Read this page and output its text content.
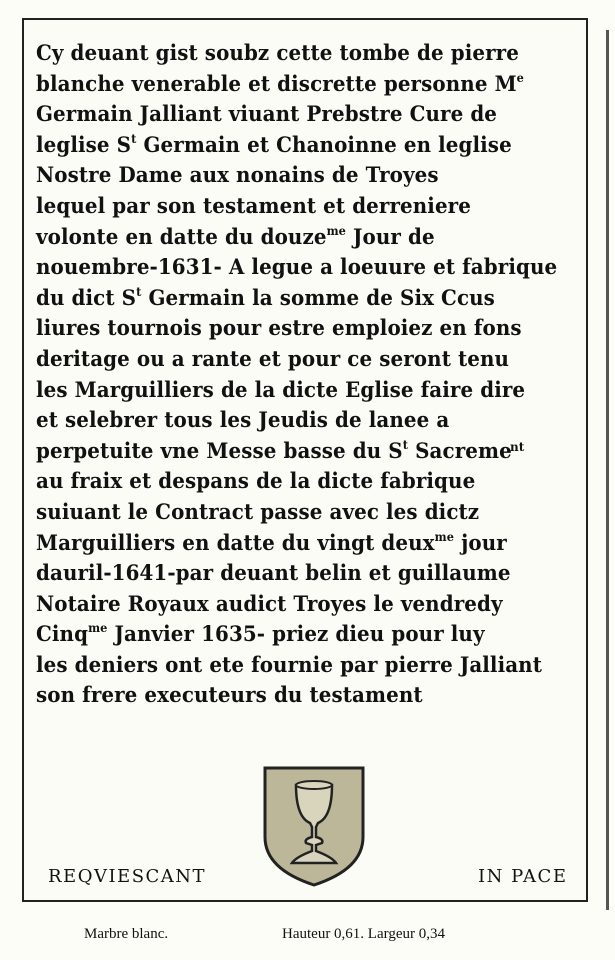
Cy deuant gist soubz cette tombe de pierre
blanche venerable et discrette personne Me
Germain Jalliant viuant Prebstre Cure de
leglise $S^t$ Germain et Chanoinne en leglise
Nostre Dame aux nonains de Troyes
lequel par son testament et derreniere
volonte en datte du douze$^{me}$ Jour de
nouembre-1631- A legue a loeuure et fabrique
du dict $S^t$ Germain la somme de Six Ccus
liures tournois pour estre emploiez en fons
deritage ou a rante et pour ce seront tenu
les Marguilliers de la dicte Eglise faire dire
et selebrer tous les Jeudis de lanee a
perpetuite vne Messe basse du $S^t$ Sacreme
au fraix et despans de la dicte fabrique
suiuant le Contract passe avec les dictz
Marguilliers en datte du vingt deux$^{me}$ jour
dauril-1641-par deuant belin et guillaume
Notaire Royaux audict Troyes le vendredy
Cinq$^{me}$ Janvier 1635- priez dieu pour luy
les deniers ont ete fournie par pierre Jalliant
son frere executeurs du testament
nt
REQVIESCANT	IN PACE
Marbre blanc.	Hauteur 0,61. Largeur 0,34
